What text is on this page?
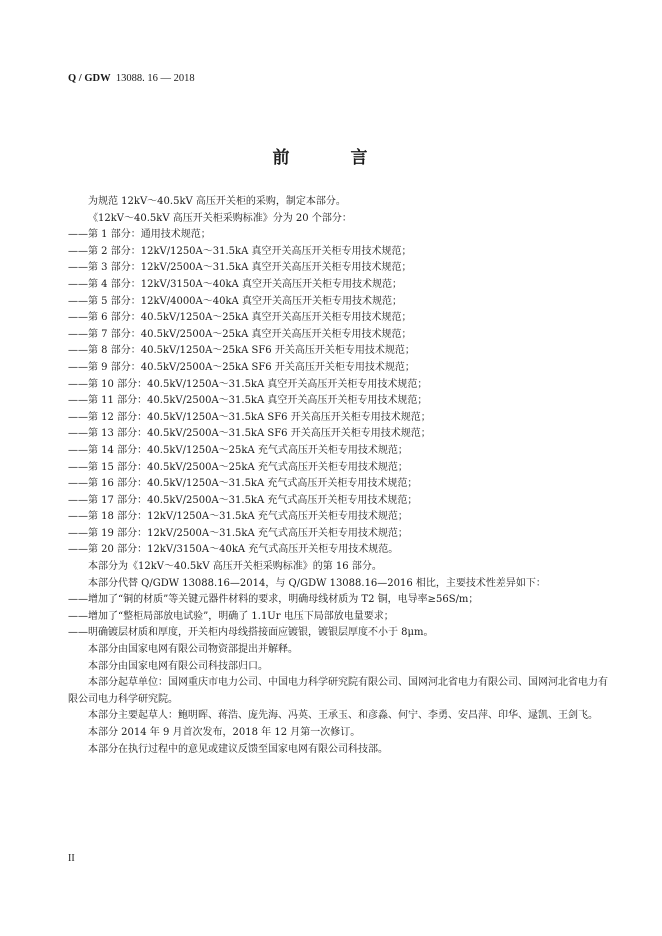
Q / GDW 13088. 16 — 2018
前　言

为规范 12kV～40.5kV 高压开关柜的采购，制定本部分。

《12kV～40.5kV 高压开关柜采购标准》分为 20 个部分：

——第 1 部分：通用技术规范；

——第 2 部分：12kV/1250A～31.5kA 真空开关高压开关柜专用技术规范；

——第 3 部分：12kV/2500A～31.5kA 真空开关高压开关柜专用技术规范；

——第 4 部分：12kV/3150A～40kA 真空开关高压开关柜专用技术规范；

——第 5 部分：12kV/4000A～40kA 真空开关高压开关柜专用技术规范；

——第 6 部分：40.5kV/1250A～25kA 真空开关高压开关柜专用技术规范；

——第 7 部分：40.5kV/2500A～25kA 真空开关高压开关柜专用技术规范；

——第 8 部分：40.5kV/1250A～25kA SF6 开关高压开关柜专用技术规范；

——第 9 部分：40.5kV/2500A～25kA SF6 开关高压开关柜专用技术规范；

——第 10 部分：40.5kV/1250A～31.5kA 真空开关高压开关柜专用技术规范；

——第 11 部分：40.5kV/2500A～31.5kA 真空开关高压开关柜专用技术规范；

——第 12 部分：40.5kV/1250A～31.5kA SF6 开关高压开关柜专用技术规范；

——第 13 部分：40.5kV/2500A～31.5kA SF6 开关高压开关柜专用技术规范；

——第 14 部分：40.5kV/1250A～25kA 充气式高压开关柜专用技术规范；

——第 15 部分：40.5kV/2500A～25kA 充气式高压开关柜专用技术规范；

——第 16 部分：40.5kV/1250A～31.5kA 充气式高压开关柜专用技术规范；

——第 17 部分：40.5kV/2500A～31.5kA 充气式高压开关柜专用技术规范；

——第 18 部分：12kV/1250A～31.5kA 充气式高压开关柜专用技术规范；

——第 19 部分：12kV/2500A～31.5kA 充气式高压开关柜专用技术规范；

——第 20 部分：12kV/3150A～40kA 充气式高压开关柜专用技术规范。

本部分为《12kV～40.5kV 高压开关柜采购标准》的第 16 部分。

本部分代替 Q/GDW 13088.16—2014，与 Q/GDW 13088.16—2016 相比，主要技术性差异如下：

——增加了“铜的材质”等关键元器件材料的要求，明确母线材质为 T2 铜，电导率≥56S/m；

——增加了“整柜局部放电试验”，明确了 1.1Ur 电压下局部放电量要求；

——明确镀层材质和厚度，开关柜内母线搭接面应镀银，镀银层厚度不小于 8μm。

本部分由国家电网有限公司物资部提出并解释。

本部分由国家电网有限公司科技部归口。

本部分起草单位：国网重庆市电力公司、中国电力科学研究院有限公司、国网河北省电力有限公司、国网河北省电力有限公司电力科学研究院。

本部分主要起草人：鲍明晖、蒋浩、庞先海、冯英、王承玉、和彦淼、何宁、李勇、安昌萍、印华、逯凯、王剑飞。

本部分 2014 年 9 月首次发布，2018 年 12 月第一次修订。

本部分在执行过程中的意见或建议反馈至国家电网有限公司科技部。

II
